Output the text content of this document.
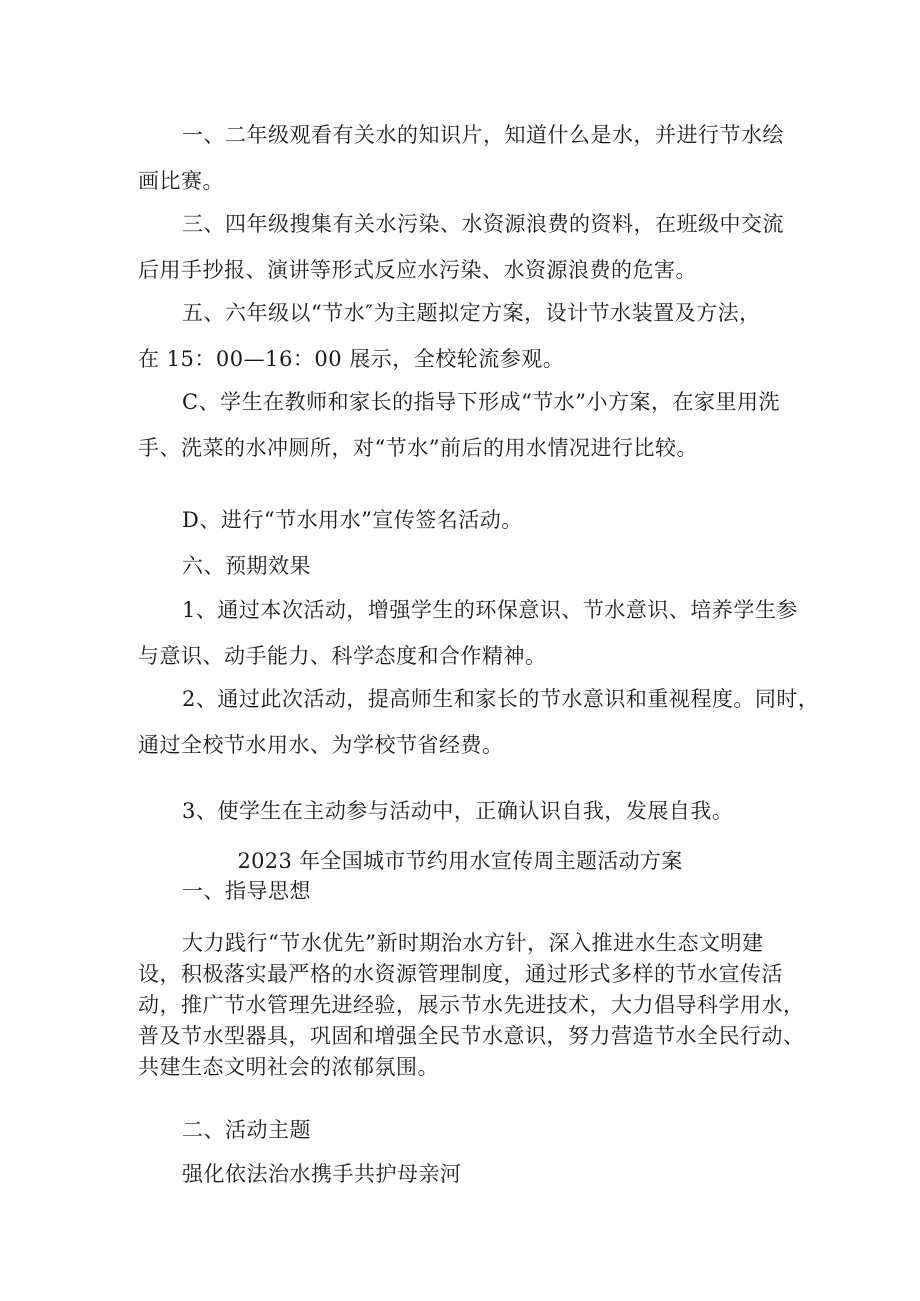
一、二年级观看有关水的知识片，知道什么是水，并进行节水绘
画比赛。

三、四年级搜集有关水污染、水资源浪费的资料，在班级中交流
后用手抄报、演讲等形式反应水污染、水资源浪费的危害。

五、六年级以“节水″为主题拟定方案，设计节水装置及方法，
在 15：00—16：00 展示，全校轮流参观。

C、学生在教师和家长的指导下形成“节水”小方案，在家里用洗
手、洗菜的水冲厕所，对“节水”前后的用水情况进行比较。

D、进行“节水用水”宣传签名活动。

六、预期效果

1、通过本次活动，增强学生的环保意识、节水意识、培养学生参
与意识、动手能力、科学态度和合作精神。

2、通过此次活动，提高师生和家长的节水意识和重视程度。同时，
通过全校节水用水、为学校节省经费。

3、使学生在主动参与活动中，正确认识自我，发展自我。

2023 年全国城市节约用水宣传周主题活动方案

一、指导思想

大力践行“节水优先”新时期治水方针，深入推进水生态文明建
设，积极落实最严格的水资源管理制度，通过形式多样的节水宣传活
动，推广节水管理先进经验，展示节水先进技术，大力倡导科学用水，
普及节水型器具，巩固和增强全民节水意识，努力营造节水全民行动、
共建生态文明社会的浓郁氛围。

二、活动主题

强化依法治水携手共护母亲河
